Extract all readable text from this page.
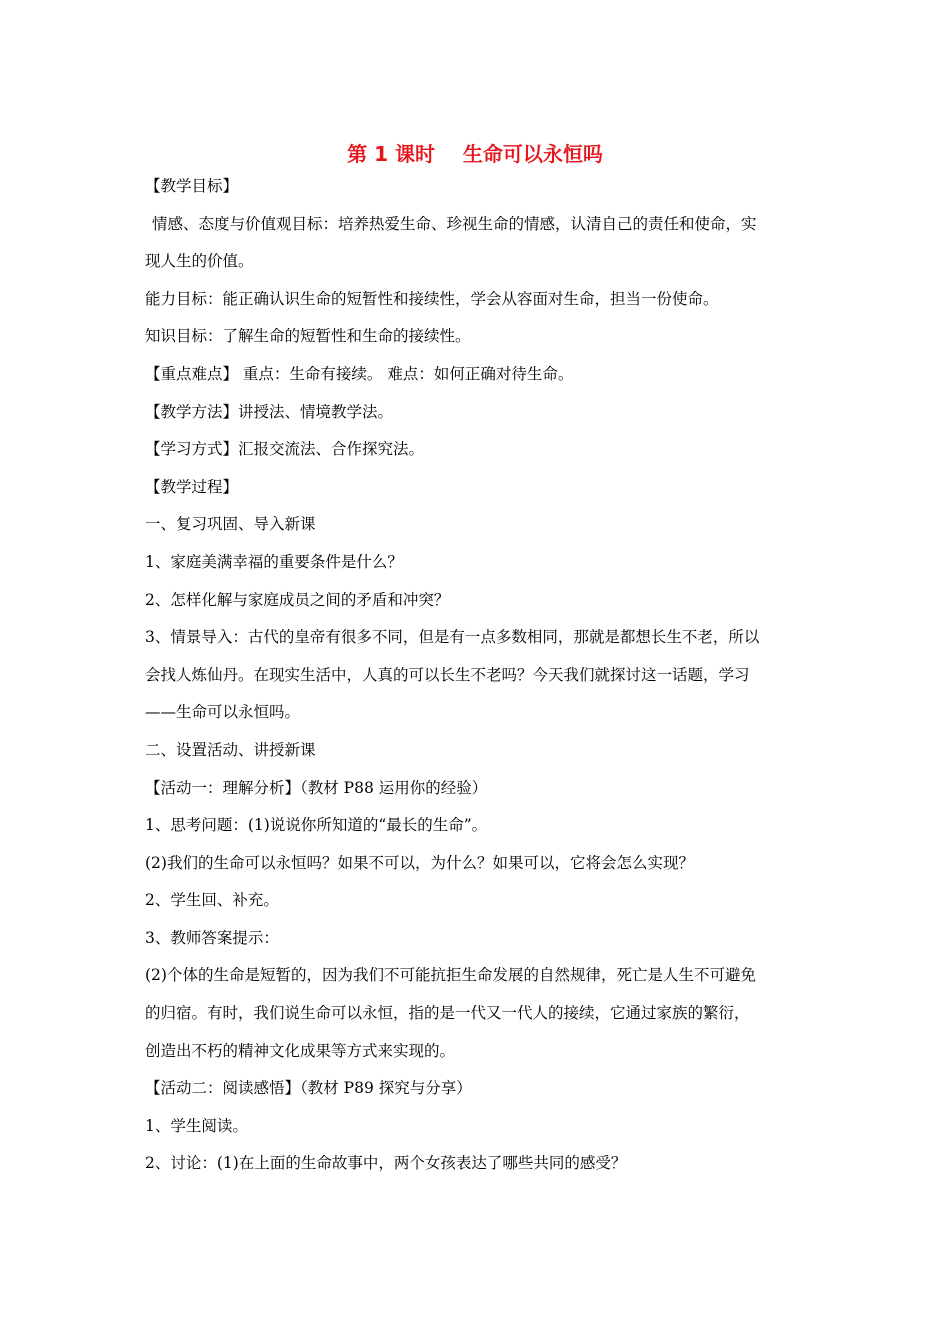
第 1 课时    生命可以永恒吗
【教学目标】
情感、态度与价值观目标：培养热爱生命、珍视生命的情感，认清自己的责任和使命，实
现人生的价值。
能力目标：能正确认识生命的短暂性和接续性，学会从容面对生命，担当一份使命。
知识目标：了解生命的短暂性和生命的接续性。
【重点难点】 重点：生命有接续。 难点：如何正确对待生命。
【教学方法】讲授法、情境教学法。
【学习方式】汇报交流法、合作探究法。
【教学过程】
一、复习巩固、导入新课
1、家庭美满幸福的重要条件是什么？
2、怎样化解与家庭成员之间的矛盾和冲突？
3、情景导入：古代的皇帝有很多不同，但是有一点多数相同，那就是都想长生不老，所以
会找人炼仙丹。在现实生活中，人真的可以长生不老吗？今天我们就探讨这一话题，学习
——生命可以永恒吗。
二、设置活动、讲授新课
【活动一：理解分析】（教材 P88 运用你的经验）
1、思考问题：(1)说说你所知道的“最长的生命”。
(2)我们的生命可以永恒吗？如果不可以，为什么？如果可以，它将会怎么实现？
2、学生回、补充。
3、教师答案提示：
(2)个体的生命是短暂的，因为我们不可能抗拒生命发展的自然规律，死亡是人生不可避免
的归宿。有时，我们说生命可以永恒，指的是一代又一代人的接续，它通过家族的繁衍，
创造出不朽的精神文化成果等方式来实现的。
【活动二：阅读感悟】（教材 P89 探究与分享）
1、学生阅读。
2、讨论：(1)在上面的生命故事中，两个女孩表达了哪些共同的感受？
